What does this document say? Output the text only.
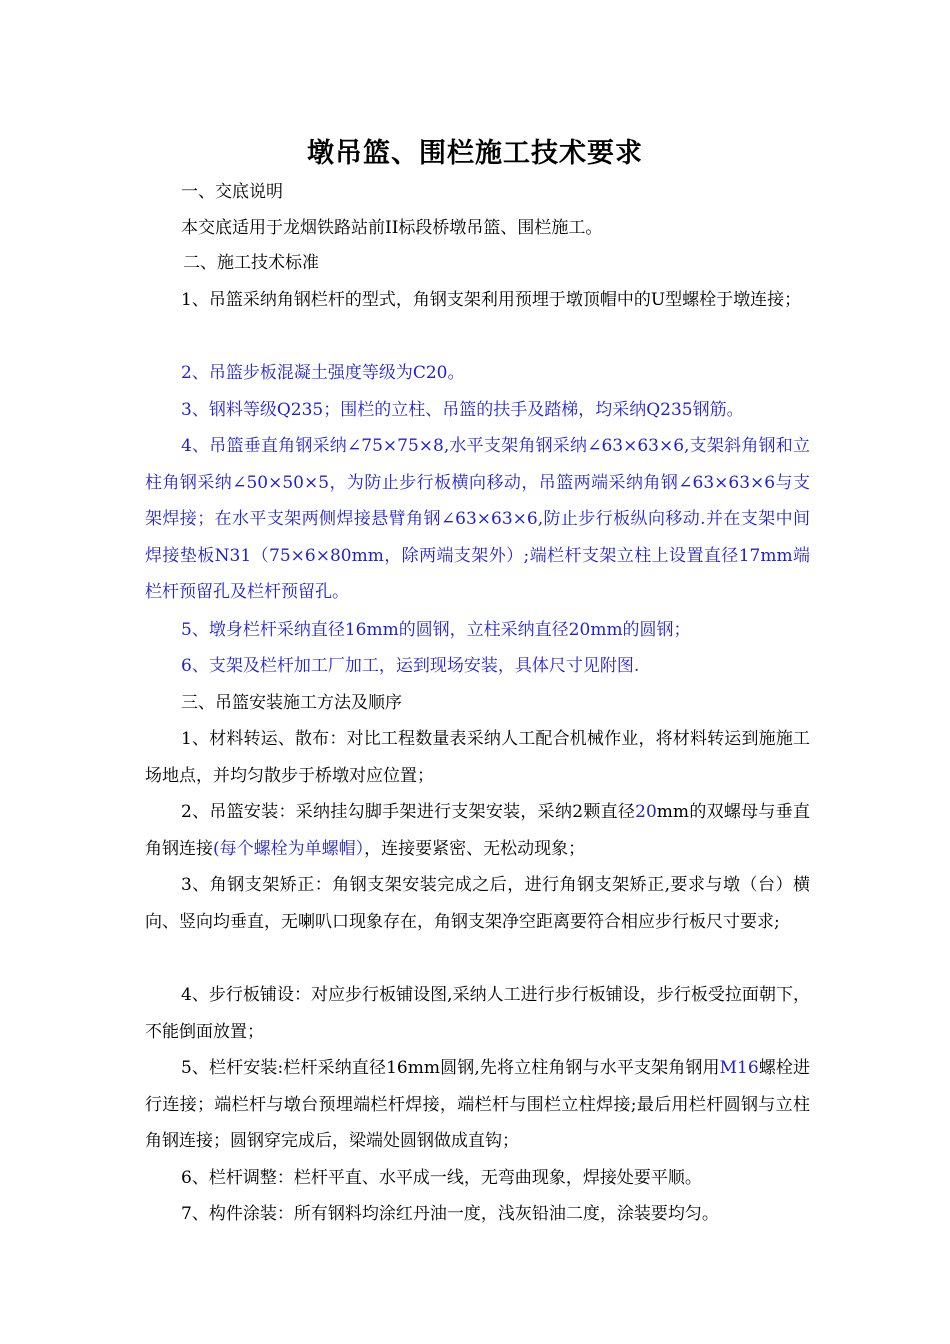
墩吊篮、围栏施工技术要求
一、交底说明
本交底适用于龙烟铁路站前II标段桥墩吊篮、围栏施工。
二、施工技术标准
1、吊篮采纳角钢栏杆的型式，角钢支架利用预埋于墩顶帽中的U型螺栓于墩连接；
2、吊篮步板混凝土强度等级为C20。
3、钢料等级Q235；围栏的立柱、吊篮的扶手及踏梯，均采纳Q235钢筋。
4、吊篮垂直角钢采纳∠75×75×8,水平支架角钢采纳∠63×63×6,支架斜角钢和立柱角钢采纳∠50×50×5，为防止步行板横向移动，吊篮两端采纳角钢∠63×63×6与支架焊接；在水平支架两侧焊接悬臂角钢∠63×63×6,防止步行板纵向移动.并在支架中间焊接垫板N31（75×6×80mm，除两端支架外）;端栏杆支架立柱上设置直径17mm端栏杆预留孔及栏杆预留孔。
5、墩身栏杆采纳直径16mm的圆钢，立柱采纳直径20mm的圆钢；
6、支架及栏杆加工厂加工，运到现场安装，具体尺寸见附图.
三、吊篮安装施工方法及顺序
1、材料转运、散布：对比工程数量表采纳人工配合机械作业，将材料转运到施施工场地点，并均匀散步于桥墩对应位置；
2、吊篮安装：采纳挂勾脚手架进行支架安装，采纳2颗直径20mm的双螺母与垂直角钢连接(每个螺栓为单螺帽），连接要紧密、无松动现象；
3、角钢支架矫正：角钢支架安装完成之后，进行角钢支架矫正,要求与墩（台）横向、竖向均垂直，无喇叭口现象存在，角钢支架净空距离要符合相应步行板尺寸要求;
4、步行板铺设：对应步行板铺设图,采纳人工进行步行板铺设，步行板受拉面朝下，不能倒面放置；
5、栏杆安装:栏杆采纳直径16mm圆钢,先将立柱角钢与水平支架角钢用M16螺栓进行连接；端栏杆与墩台预埋端栏杆焊接，端栏杆与围栏立柱焊接;最后用栏杆圆钢与立柱角钢连接；圆钢穿完成后，梁端处圆钢做成直钩；
6、栏杆调整：栏杆平直、水平成一线，无弯曲现象，焊接处要平顺。
7、构件涂装：所有钢料均涂红丹油一度，浅灰铅油二度，涂装要均匀。
